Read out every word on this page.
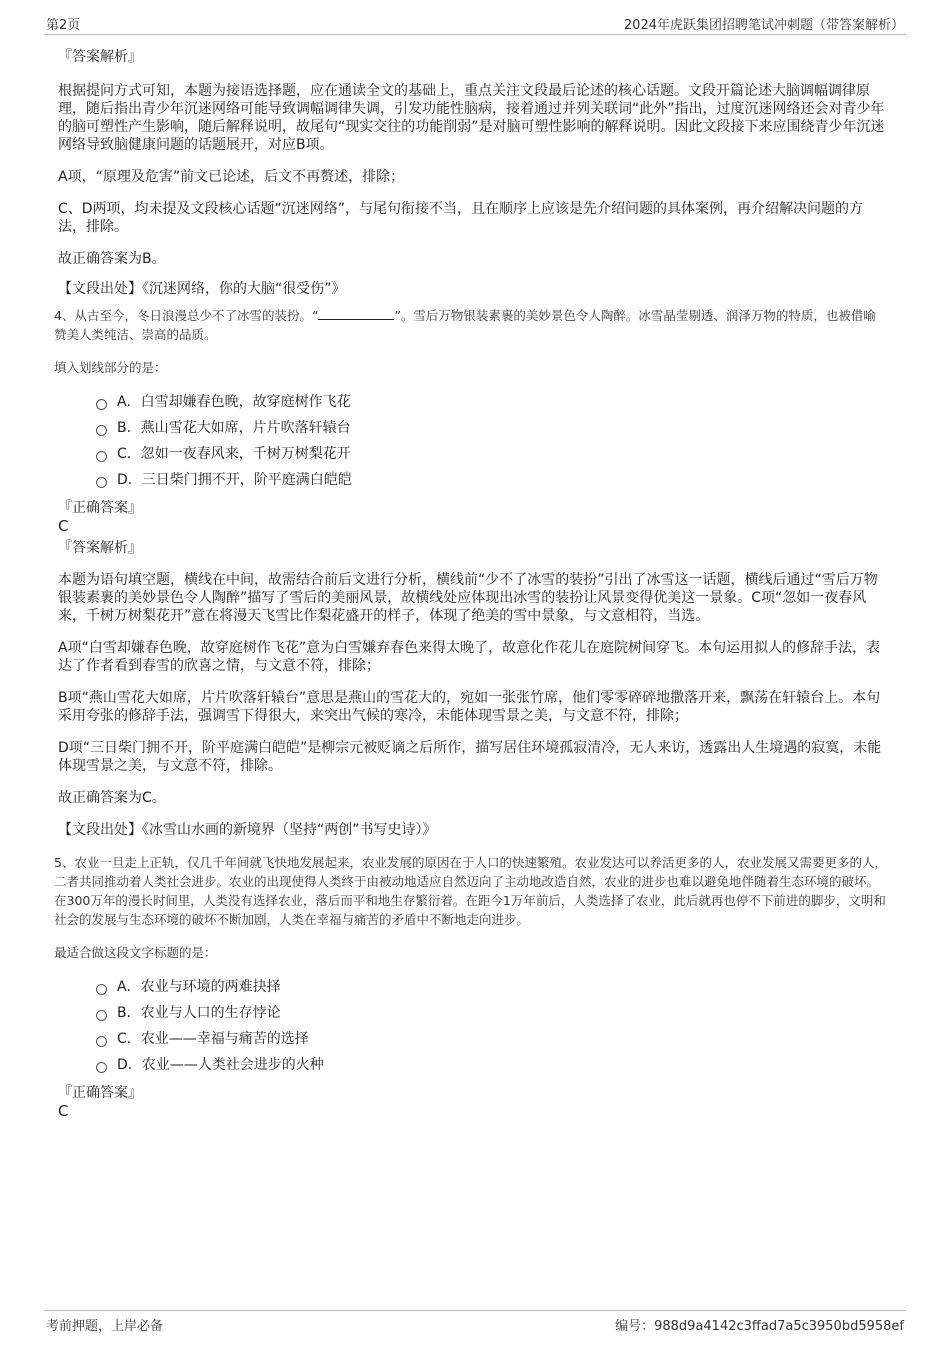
第2页	2024年虎跃集团招聘笔试冲刺题（带答案解析）

『答案解析』

根据提问方式可知，本题为接语选择题，应在通读全文的基础上，重点关注文段最后论述的核心话题。文段开篇论述大脑调幅调律原理，随后指出青少年沉迷网络可能导致调幅调律失调，引发功能性脑病，接着通过并列关联词“此外”指出，过度沉迷网络还会对青少年的脑可塑性产生影响，随后解释说明，故尾句“现实交往的功能削弱”是对脑可塑性影响的解释说明。因此文段接下来应围绕青少年沉迷网络导致脑健康问题的话题展开，对应B项。

A项，“原理及危害”前文已论述，后文不再赘述，排除；

C、D两项，均未提及文段核心话题“沉迷网络”，与尾句衔接不当，且在顺序上应该是先介绍问题的具体案例，再介绍解决问题的方法，排除。

故正确答案为B。

【文段出处】《沉迷网络，你的大脑“很受伤”》

4、从古至今，冬日浪漫总少不了冰雪的装扮。“	”。雪后万物银装素裹的美妙景色令人陶醉。冰雪晶莹剔透、润泽万物的特质，也被借喻赞美人类纯洁、崇高的品质。

填入划线部分的是：

A．白雪却嫌春色晚，故穿庭树作飞花
B．燕山雪花大如席，片片吹落轩辕台
C．忽如一夜春风来，千树万树梨花开
D．三日柴门拥不开，阶平庭满白皑皑

『正确答案』

C

『答案解析』

本题为语句填空题，横线在中间，故需结合前后文进行分析，横线前“少不了冰雪的装扮”引出了冰雪这一话题，横线后通过“雪后万物银装素裹的美妙景色令人陶醉”描写了雪后的美丽风景，故横线处应体现出冰雪的装扮让风景变得优美这一景象。C项“忽如一夜春风来，千树万树梨花开”意在将漫天飞雪比作梨花盛开的样子，体现了绝美的雪中景象，与文意相符，当选。

A项“白雪却嫌春色晚，故穿庭树作飞花”意为白雪嫌弃春色来得太晚了，故意化作花儿在庭院树间穿飞。本句运用拟人的修辞手法，表达了作者看到春雪的欣喜之情，与文意不符，排除；

B项“燕山雪花大如席，片片吹落轩辕台”意思是燕山的雪花大的，宛如一张张竹席，他们零零碎碎地撒落开来，飘荡在轩辕台上。本句采用夸张的修辞手法，强调雪下得很大，来突出气候的寒冷，未能体现雪景之美，与文意不符，排除；

D项“三日柴门拥不开，阶平庭满白皑皑”是柳宗元被贬谪之后所作，描写居住环境孤寂清冷，无人来访，透露出人生境遇的寂寞，未能体现雪景之美，与文意不符，排除。

故正确答案为C。

【文段出处】《冰雪山水画的新境界（坚持“两创”书写史诗）》

5、农业一旦走上正轨，仅几千年间就飞快地发展起来，农业发展的原因在于人口的快速繁殖。农业发达可以养活更多的人，农业发展又需要更多的人，二者共同推动着人类社会进步。农业的出现使得人类终于由被动地适应自然迈向了主动地改造自然，农业的进步也难以避免地伴随着生态环境的破坏。在300万年的漫长时间里，人类没有选择农业，落后而平和地生存繁衍着。在距今1万年前后，人类选择了农业，此后就再也停不下前进的脚步，文明和社会的发展与生态环境的破坏不断加剧，人类在幸福与痛苦的矛盾中不断地走向进步。

最适合做这段文字标题的是：

A．农业与环境的两难抉择
B．农业与人口的生存悖论
C．农业——幸福与痛苦的选择
D．农业——人类社会进步的火种

『正确答案』

C

考前押题，上岸必备	编号：988d9a4142c3ffad7a5c3950bd5958ef
